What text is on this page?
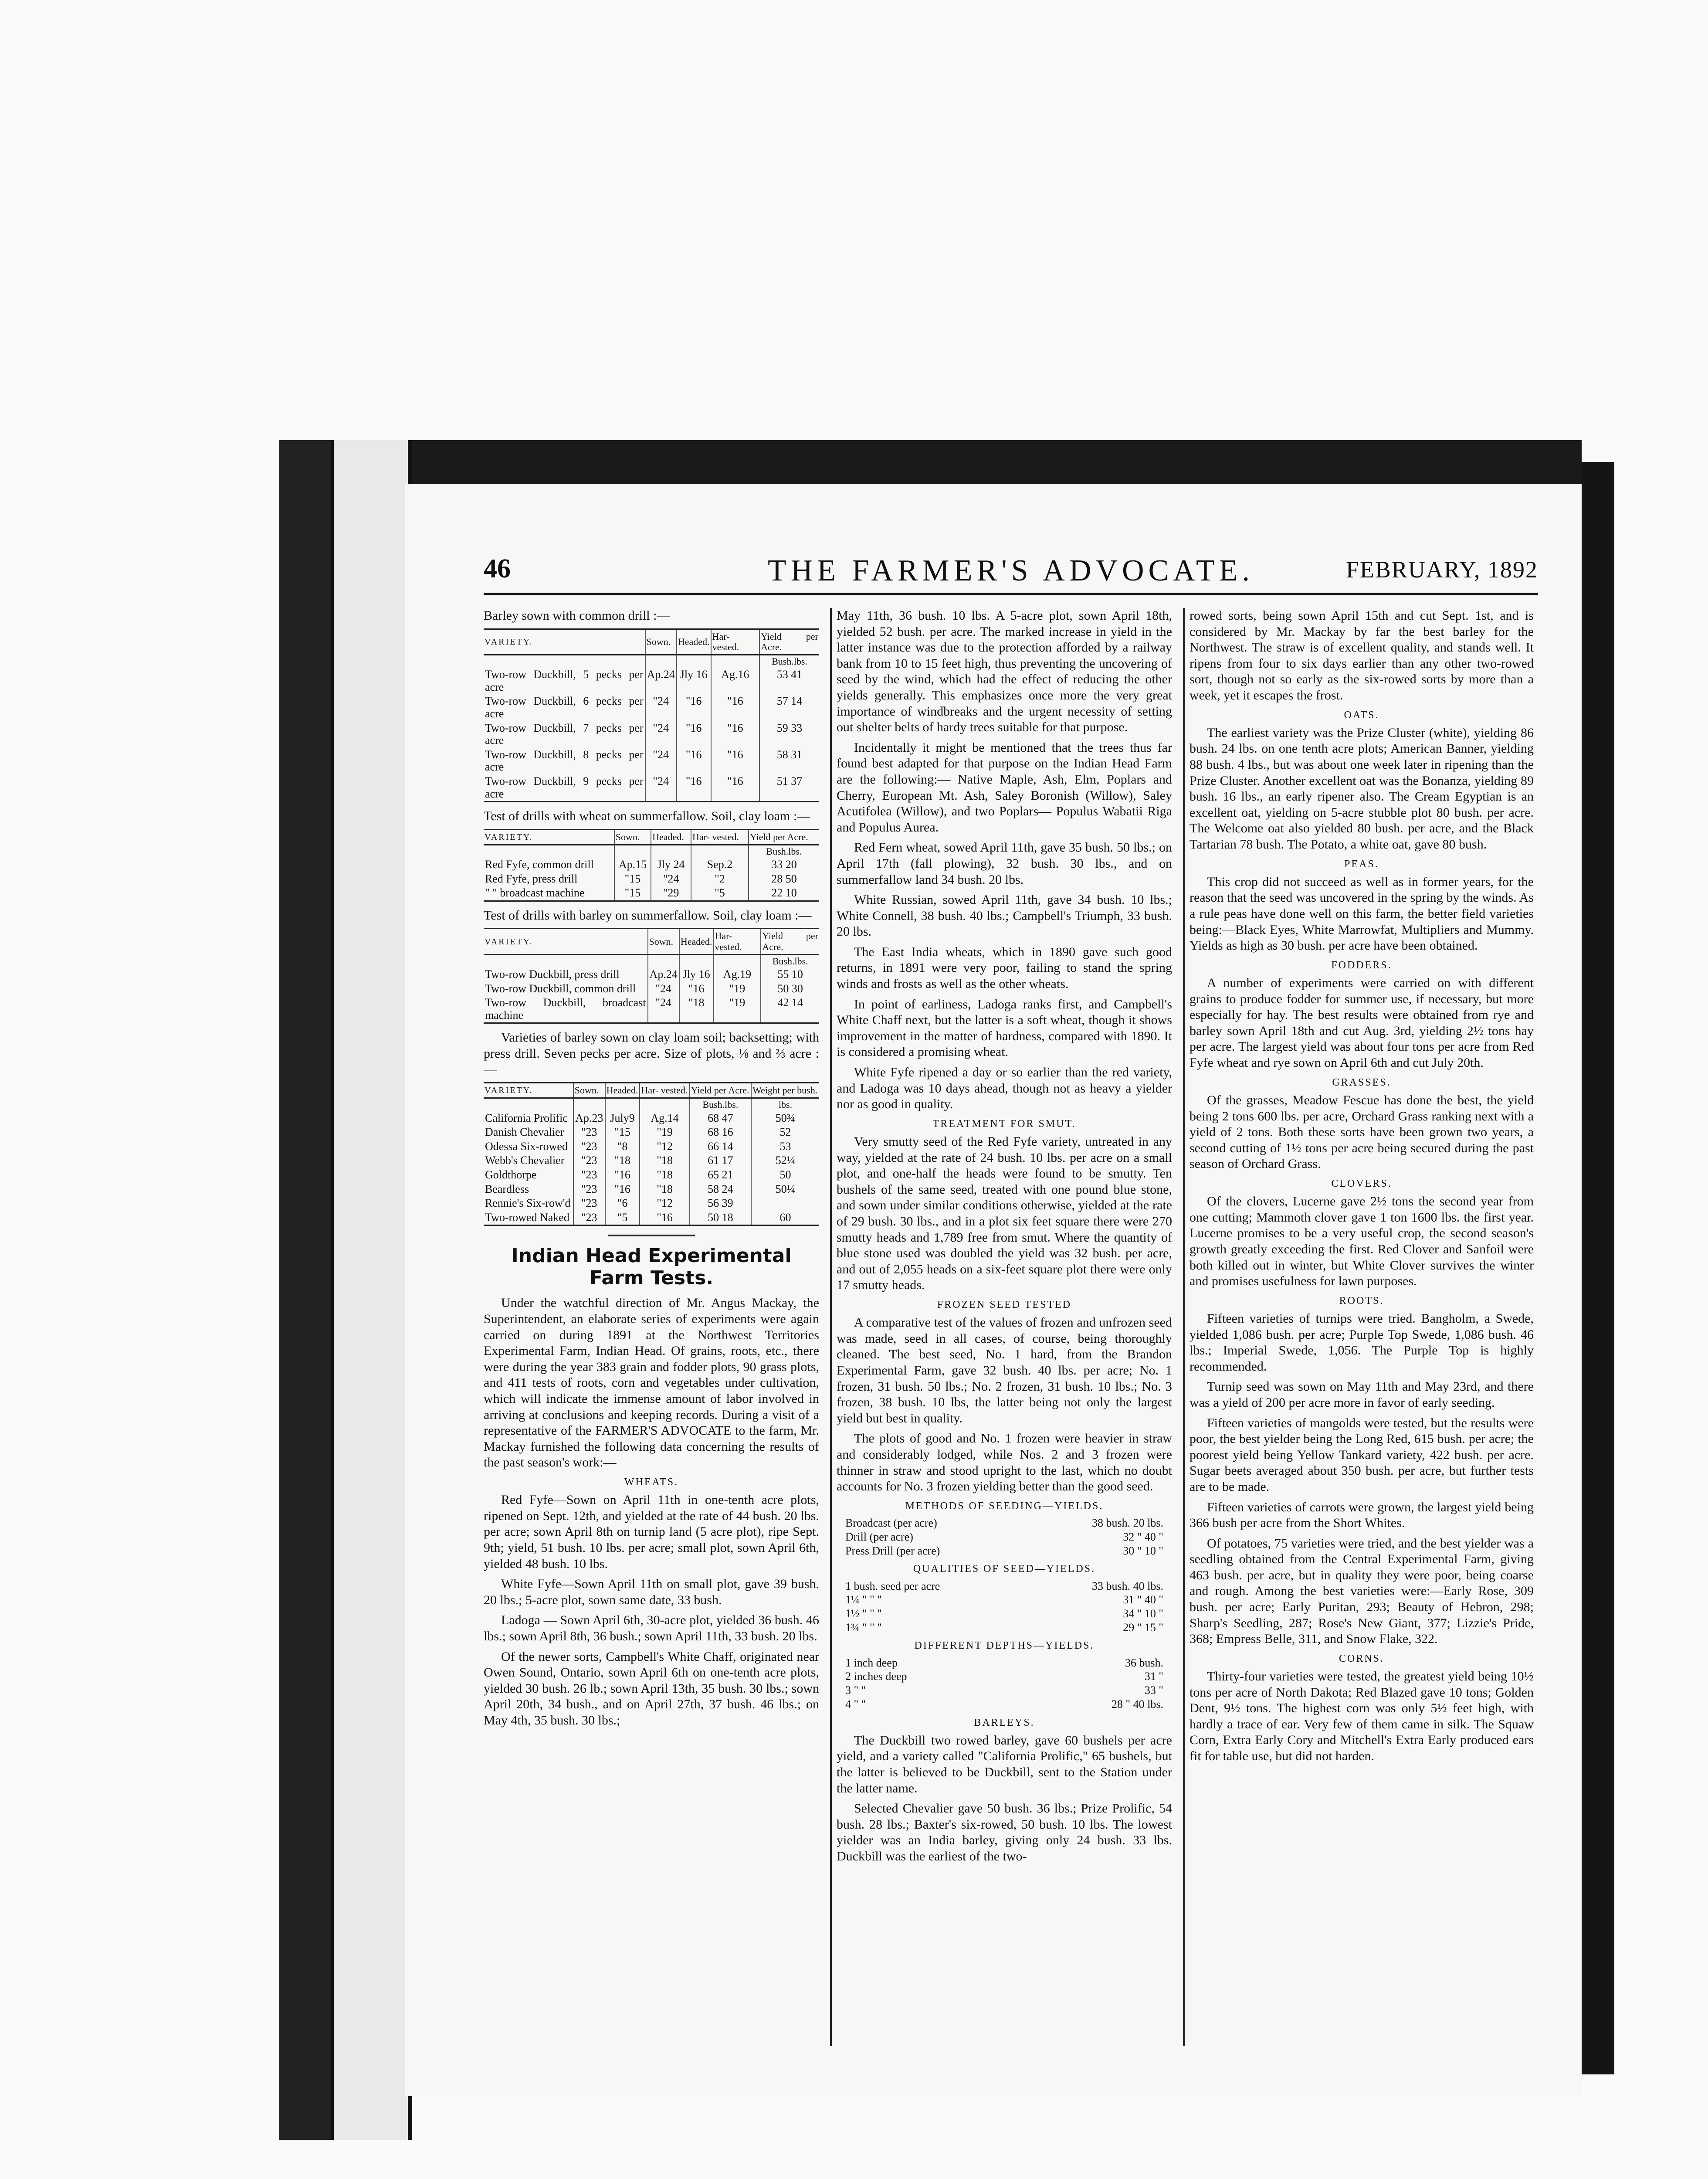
46	THE FARMER'S ADVOCATE.	FEBRUARY, 1892

Barley sown with common drill :—

VARIETY.	Sown.	Headed.	Har- vested.	Yield per Acre.
				Bush.lbs.
Two-row Duckbill, 5 pecks per acre	Ap.24	Jly 16	Ag.16	53 41
Two-row Duckbill, 6 pecks per acre	"24	"16	"16	57 14
Two-row Duckbill, 7 pecks per acre	"24	"16	"16	59 33
Two-row Duckbill, 8 pecks per acre	"24	"16	"16	58 31
Two-row Duckbill, 9 pecks per acre	"24	"16	"16	51 37

Test of drills with wheat on summerfallow. Soil, clay loam :—

VARIETY.	Sown.	Headed.	Har- vested.	Yield per Acre.
				Bush.lbs.
Red Fyfe, common drill	Ap.15	Jly 24	Sep.2	33 20
Red Fyfe, press drill	"15	"24	"2	28 50
" " broadcast machine	"15	"29	"5	22 10

Test of drills with barley on summerfallow. Soil, clay loam :—

VARIETY.	Sown.	Headed.	Har- vested.	Yield per Acre.
				Bush.lbs.
Two-row Duckbill, press drill	Ap.24	Jly 16	Ag.19	55 10
Two-row Duckbill, common drill	"24	"16	"19	50 30
Two-row Duckbill, broadcast machine	"24	"18	"19	42 14

Varieties of barley sown on clay loam soil; backsetting; with press drill. Seven pecks per acre. Size of plots, ⅛ and ⅔ acre :—

VARIETY.	Sown.	Headed.	Har- vested.	Yield per Acre.	Weight per bush.
				Bush.lbs.	lbs.
California Prolific	Ap.23	July9	Ag.14	68 47	50¾
Danish Chevalier	"23	"15	"19	68 16	52
Odessa Six-rowed	"23	"8	"12	66 14	53
Webb's Chevalier	"23	"18	"18	61 17	52¼
Goldthorpe	"23	"16	"18	65 21	50
Beardless	"23	"16	"18	58 24	50¼
Rennie's Six-row'd	"23	"6	"12	56 39	
Two-rowed Naked	"23	"5	"16	50 18	60
Indian Head Experimental Farm Tests.

Under the watchful direction of Mr. Angus Mackay, the Superintendent, an elaborate series of experiments were again carried on during 1891 at the Northwest Territories Experimental Farm, Indian Head. Of grains, roots, etc., there were during the year 383 grain and fodder plots, 90 grass plots, and 411 tests of roots, corn and vegetables under cultivation, which will indicate the immense amount of labor involved in arriving at conclusions and keeping records. During a visit of a representative of the FARMER'S ADVOCATE to the farm, Mr. Mackay furnished the following data concerning the results of the past season's work:—

WHEATS.

Red Fyfe—Sown on April 11th in one-tenth acre plots, ripened on Sept. 12th, and yielded at the rate of 44 bush. 20 lbs. per acre; sown April 8th on turnip land (5 acre plot), ripe Sept. 9th; yield, 51 bush. 10 lbs. per acre; small plot, sown April 6th, yielded 48 bush. 10 lbs.

White Fyfe—Sown April 11th on small plot, gave 39 bush. 20 lbs.; 5-acre plot, sown same date, 33 bush.

Ladoga — Sown April 6th, 30-acre plot, yielded 36 bush. 46 lbs.; sown April 8th, 36 bush.; sown April 11th, 33 bush. 20 lbs.

Of the newer sorts, Campbell's White Chaff, originated near Owen Sound, Ontario, sown April 6th on one-tenth acre plots, yielded 30 bush. 26 lb.; sown April 13th, 35 bush. 30 lbs.; sown April 20th, 34 bush., and on April 27th, 37 bush. 46 lbs.; on May 4th, 35 bush. 30 lbs.;

May 11th, 36 bush. 10 lbs. A 5-acre plot, sown April 18th, yielded 52 bush. per acre. The marked increase in yield in the latter instance was due to the protection afforded by a railway bank from 10 to 15 feet high, thus preventing the uncovering of seed by the wind, which had the effect of reducing the other yields generally. This emphasizes once more the very great importance of windbreaks and the urgent necessity of setting out shelter belts of hardy trees suitable for that purpose.

Incidentally it might be mentioned that the trees thus far found best adapted for that purpose on the Indian Head Farm are the following:— Native Maple, Ash, Elm, Poplars and Cherry, European Mt. Ash, Saley Boronish (Willow), Saley Acutifolea (Willow), and two Poplars— Populus Wabatii Riga and Populus Aurea.

Red Fern wheat, sowed April 11th, gave 35 bush. 50 lbs.; on April 17th (fall plowing), 32 bush. 30 lbs., and on summerfallow land 34 bush. 20 lbs.

White Russian, sowed April 11th, gave 34 bush. 10 lbs.; White Connell, 38 bush. 40 lbs.; Campbell's Triumph, 33 bush. 20 lbs.

The East India wheats, which in 1890 gave such good returns, in 1891 were very poor, failing to stand the spring winds and frosts as well as the other wheats.

In point of earliness, Ladoga ranks first, and Campbell's White Chaff next, but the latter is a soft wheat, though it shows improvement in the matter of hardness, compared with 1890. It is considered a promising wheat.

White Fyfe ripened a day or so earlier than the red variety, and Ladoga was 10 days ahead, though not as heavy a yielder nor as good in quality.

TREATMENT FOR SMUT.

Very smutty seed of the Red Fyfe variety, untreated in any way, yielded at the rate of 24 bush. 10 lbs. per acre on a small plot, and one-half the heads were found to be smutty. Ten bushels of the same seed, treated with one pound blue stone, and sown under similar conditions otherwise, yielded at the rate of 29 bush. 30 lbs., and in a plot six feet square there were 270 smutty heads and 1,789 free from smut. Where the quantity of blue stone used was doubled the yield was 32 bush. per acre, and out of 2,055 heads on a six-feet square plot there were only 17 smutty heads.

FROZEN SEED TESTED

A comparative test of the values of frozen and unfrozen seed was made, seed in all cases, of course, being thoroughly cleaned. The best seed, No. 1 hard, from the Brandon Experimental Farm, gave 32 bush. 40 lbs. per acre; No. 1 frozen, 31 bush. 50 lbs.; No. 2 frozen, 31 bush. 10 lbs.; No. 3 frozen, 38 bush. 10 lbs, the latter being not only the largest yield but best in quality.

The plots of good and No. 1 frozen were heavier in straw and considerably lodged, while Nos. 2 and 3 frozen were thinner in straw and stood upright to the last, which no doubt accounts for No. 3 frozen yielding better than the good seed.

METHODS OF SEEDING—YIELDS.
Broadcast (per acre)	38 bush. 20 lbs.
Drill (per acre)	32 " 40 "
Press Drill (per acre)	30 " 10 "
QUALITIES OF SEED—YIELDS.
1 bush. seed per acre	33 bush. 40 lbs.
1¼ " " "	31 " 40 "
1½ " " "	34 " 10 "
1¾ " " "	29 " 15 "
DIFFERENT DEPTHS—YIELDS.
1 inch deep	36 bush.
2 inches deep	31 "
3 " "	33 "
4 " "	28 " 40 lbs.
BARLEYS.

The Duckbill two rowed barley, gave 60 bushels per acre yield, and a variety called "California Prolific," 65 bushels, but the latter is believed to be Duckbill, sent to the Station under the latter name.

Selected Chevalier gave 50 bush. 36 lbs.; Prize Prolific, 54 bush. 28 lbs.; Baxter's six-rowed, 50 bush. 10 lbs. The lowest yielder was an India barley, giving only 24 bush. 33 lbs. Duckbill was the earliest of the two-

rowed sorts, being sown April 15th and cut Sept. 1st, and is considered by Mr. Mackay by far the best barley for the Northwest. The straw is of excellent quality, and stands well. It ripens from four to six days earlier than any other two-rowed sort, though not so early as the six-rowed sorts by more than a week, yet it escapes the frost.

OATS.

The earliest variety was the Prize Cluster (white), yielding 86 bush. 24 lbs. on one tenth acre plots; American Banner, yielding 88 bush. 4 lbs., but was about one week later in ripening than the Prize Cluster. Another excellent oat was the Bonanza, yielding 89 bush. 16 lbs., an early ripener also. The Cream Egyptian is an excellent oat, yielding on 5-acre stubble plot 80 bush. per acre. The Welcome oat also yielded 80 bush. per acre, and the Black Tartarian 78 bush. The Potato, a white oat, gave 80 bush.

PEAS.

This crop did not succeed as well as in former years, for the reason that the seed was uncovered in the spring by the winds. As a rule peas have done well on this farm, the better field varieties being:—Black Eyes, White Marrowfat, Multipliers and Mummy. Yields as high as 30 bush. per acre have been obtained.

FODDERS.

A number of experiments were carried on with different grains to produce fodder for summer use, if necessary, but more especially for hay. The best results were obtained from rye and barley sown April 18th and cut Aug. 3rd, yielding 2½ tons hay per acre. The largest yield was about four tons per acre from Red Fyfe wheat and rye sown on April 6th and cut July 20th.

GRASSES.

Of the grasses, Meadow Fescue has done the best, the yield being 2 tons 600 lbs. per acre, Orchard Grass ranking next with a yield of 2 tons. Both these sorts have been grown two years, a second cutting of 1½ tons per acre being secured during the past season of Orchard Grass.

CLOVERS.

Of the clovers, Lucerne gave 2½ tons the second year from one cutting; Mammoth clover gave 1 ton 1600 lbs. the first year. Lucerne promises to be a very useful crop, the second season's growth greatly exceeding the first. Red Clover and Sanfoil were both killed out in winter, but White Clover survives the winter and promises usefulness for lawn purposes.

ROOTS.

Fifteen varieties of turnips were tried. Bangholm, a Swede, yielded 1,086 bush. per acre; Purple Top Swede, 1,086 bush. 46 lbs.; Imperial Swede, 1,056. The Purple Top is highly recommended.

Turnip seed was sown on May 11th and May 23rd, and there was a yield of 200 per acre more in favor of early seeding.

Fifteen varieties of mangolds were tested, but the results were poor, the best yielder being the Long Red, 615 bush. per acre; the poorest yield being Yellow Tankard variety, 422 bush. per acre. Sugar beets averaged about 350 bush. per acre, but further tests are to be made.

Fifteen varieties of carrots were grown, the largest yield being 366 bush per acre from the Short Whites.

Of potatoes, 75 varieties were tried, and the best yielder was a seedling obtained from the Central Experimental Farm, giving 463 bush. per acre, but in quality they were poor, being coarse and rough. Among the best varieties were:—Early Rose, 309 bush. per acre; Early Puritan, 293; Beauty of Hebron, 298; Sharp's Seedling, 287; Rose's New Giant, 377; Lizzie's Pride, 368; Empress Belle, 311, and Snow Flake, 322.

CORNS.

Thirty-four varieties were tested, the greatest yield being 10½ tons per acre of North Dakota; Red Blazed gave 10 tons; Golden Dent, 9½ tons. The highest corn was only 5½ feet high, with hardly a trace of ear. Very few of them came in silk. The Squaw Corn, Extra Early Cory and Mitchell's Extra Early produced ears fit for table use, but did not harden.
